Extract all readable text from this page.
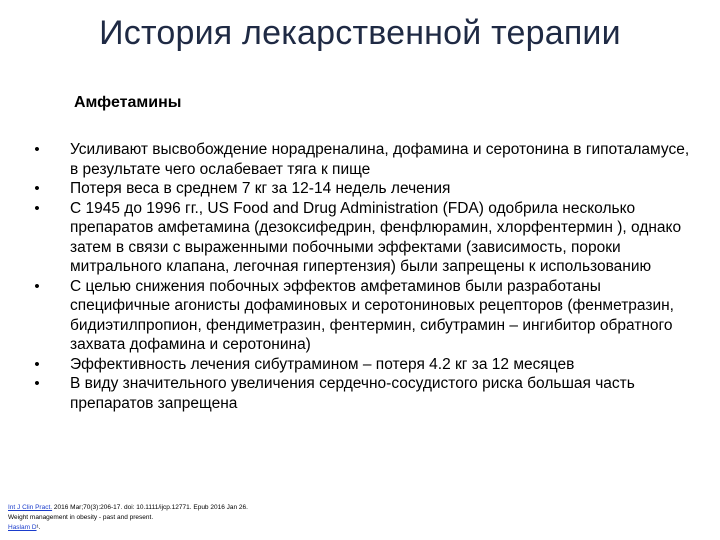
История лекарственной терапии
Амфетамины
• Усиливают высвобождение норадреналина, дофамина и серотонина в гипоталамусе, в результате чего ослабевает тяга к пище
• Потеря веса в среднем 7 кг за 12-14 недель лечения
• С 1945 до 1996 гг., US Food and Drug Administration (FDA) одобрила несколько препаратов амфетамина (дезоксифедрин, фенфлюрамин, хлорфентермин ), однако затем в связи с выраженными побочными эффектами (зависимость, пороки митрального клапана, легочная гипертензия) были запрещены к использованию
• С целью снижения побочных эффектов амфетаминов были разработаны специфичные агонисты дофаминовых и серотониновых рецепторов (фенметразин, бидиэтилпропион, фендиметразин, фентермин, сибутрамин – ингибитор обратного захвата дофамина и серотонина)
• Эффективность лечения сибутрамином – потеря 4.2 кг за 12 месяцев
• В виду значительного увеличения сердечно-сосудистого риска большая часть препаратов запрещена
Int J Clin Pract. 2016 Mar;70(3):206-17. doi: 10.1111/ijcp.12771. Epub 2016 Jan 26.
Weight management in obesity - past and present.
Haslam D¹.
